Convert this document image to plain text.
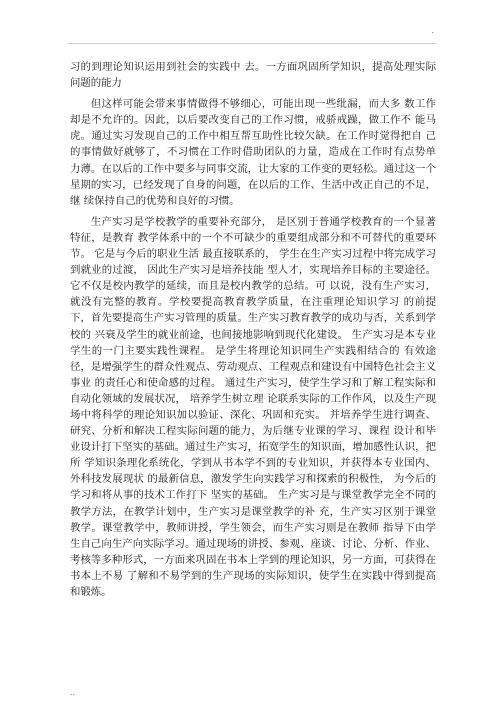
.

习的到理论知识运用到社会的实践中 去。一方面巩固所学知识，提高处理实际问题的能力

但这样可能会带来事情做得不够细心，可能出现一些纰漏，而大多 数工作却是不允许的。因此，以后要改变自己的工作习惯，戒骄戒躁，做工作不 能马虎。通过实习发现自己的工作中相互帮互助性比较欠缺。在工作时觉得把自 己的事情做好就够了，不习惯在工作时借助团队的力量，造成在工作时有点势单 力薄。在以后的工作中要多与同事交流，让大家的工作变的更轻松。通过这一个 星期的实习，已经发现了自身的问题，在以后的工作、生活中改正自己的不足，继 续保持自己的优势和良好的习惯。

生产实习是学校教学的重要补充部分， 是区别于普通学校教育的一个显著特征，是教育 教学体系中的一个不可缺少的重要组成部分和不可替代的重要环节。 它是与今后的职业生活 最直接联系的， 学生在生产实习过程中将完成学习到就业的过渡， 因此生产实习是培养技能 型人才，实现培养目标的主要途径。它不仅是校内教学的延续，而且是校内教学的总结。可 以说，没有生产实习，就没有完整的教育。学校要提高教育教学质量，在注重理论知识学习 的前提下，首先要提高生产实习管理的质量。生产实习教育教学的成功与否，关系到学校的 兴衰及学生的就业前途，也间接地影响到现代化建设。 生产实习是本专业学生的一门主要实践性课程。 是学生将理论知识同生产实践相结合的 有效途径，是增强学生的群众性观点、劳动观点、工程观点和建设有中国特色社会主义事业 的责任心和使命感的过程。 通过生产实习，使学生学习和了解工程实际和自动化领域的发展状况， 培养学生树立理 论联系实际的工作作风，以及生产现场中将科学的理论知识加以验证、深化、巩固和充实。 并培养学生进行调查、研究、分析和解决工程实际问题的能力，为后继专业课的学习、课程 设计和毕业设计打下坚实的基础。通过生产实习，拓宽学生的知识面，增加感性认识，把所 学知识条理化系统化，学到从书本学不到的专业知识，并获得本专业国内、外科技发展现状 的最新信息，激发学生向实践学习和探索的积极性， 为今后的学习和将从事的技术工作打下 坚实的基础。 生产实习是与课堂教学完全不同的教学方法，在教学计划中，生产实习是课堂教学的补 充，生产实习区别于课堂教学。课堂教学中，教师讲授，学生领会，而生产实习则是在教师 指导下由学生自己向生产向实际学习。通过现场的讲授、参观、座谈、讨论、分析、作业、 考核等多种形式，一方面来巩固在书本上学到的理论知识，另一方面，可获得在书本上不易 了解和不易学到的生产现场的实际知识，使学生在实践中得到提高和锻炼。

..
